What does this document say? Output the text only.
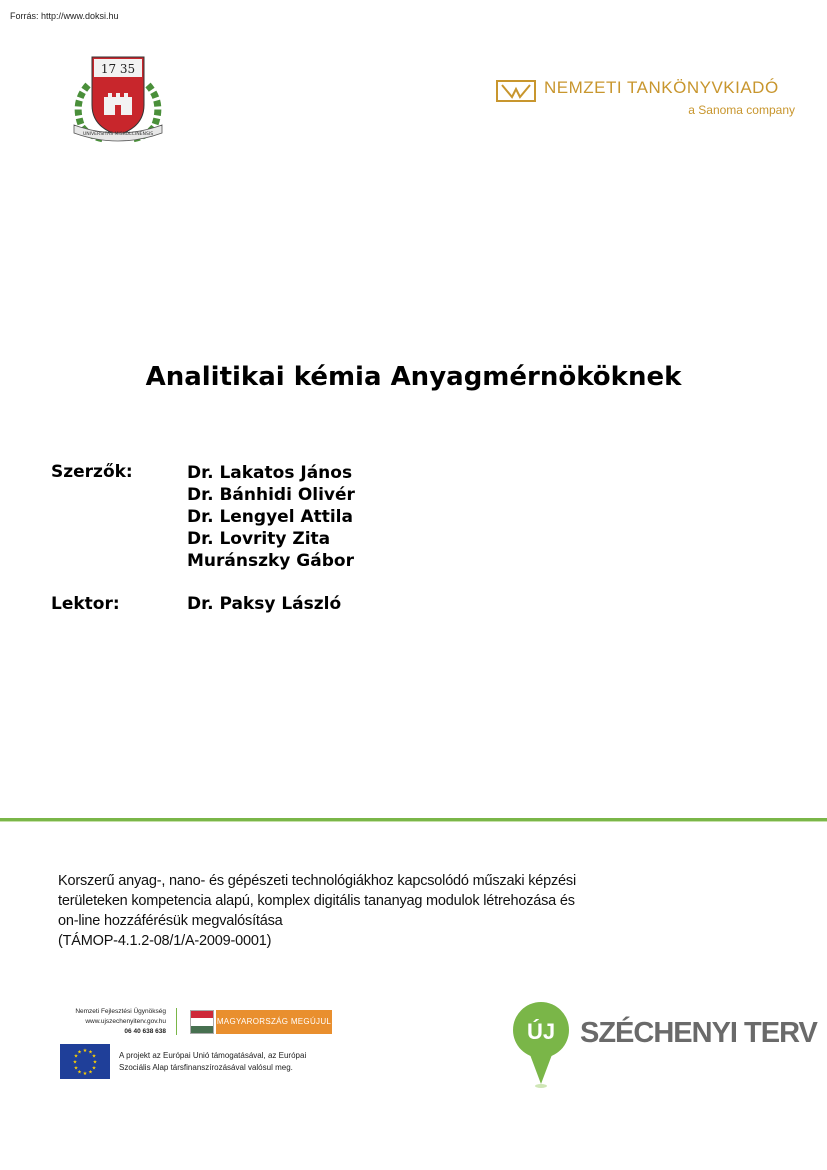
Forrás: http://www.doksi.hu
17 35
UNIVERSITAS MISKOLCINENSIS
NEMZETI TANKÖNYVKIADÓ
a Sanoma company
Analitikai kémia Anyagmérnököknek
Szerzők:	Dr. Lakatos János
Dr. Bánhidi Olivér
Dr. Lengyel Attila
Dr. Lovrity Zita
Muránszky Gábor
Lektor:	Dr. Paksy László
Korszerű anyag-, nano- és gépészeti technológiákhoz kapcsolódó műszaki képzési
területeken kompetencia alapú, komplex digitális tananyag modulok létrehozása és
on-line hozzáférésük megvalósítása
(TÁMOP-4.1.2-08/1/A-2009-0001)
Nemzeti Fejlesztési Ügynökség
www.ujszechenyiterv.gov.hu
06 40 638 638
MAGYARORSZÁG MEGÚJUL
★ ★
★
★
★
★
★
★
★
★
★
★	A projekt az Európai Unió támogatásával, az Európai
Szociális Alap társfinanszírozásával valósul meg.
ÚJ SZÉCHENYI TERV
